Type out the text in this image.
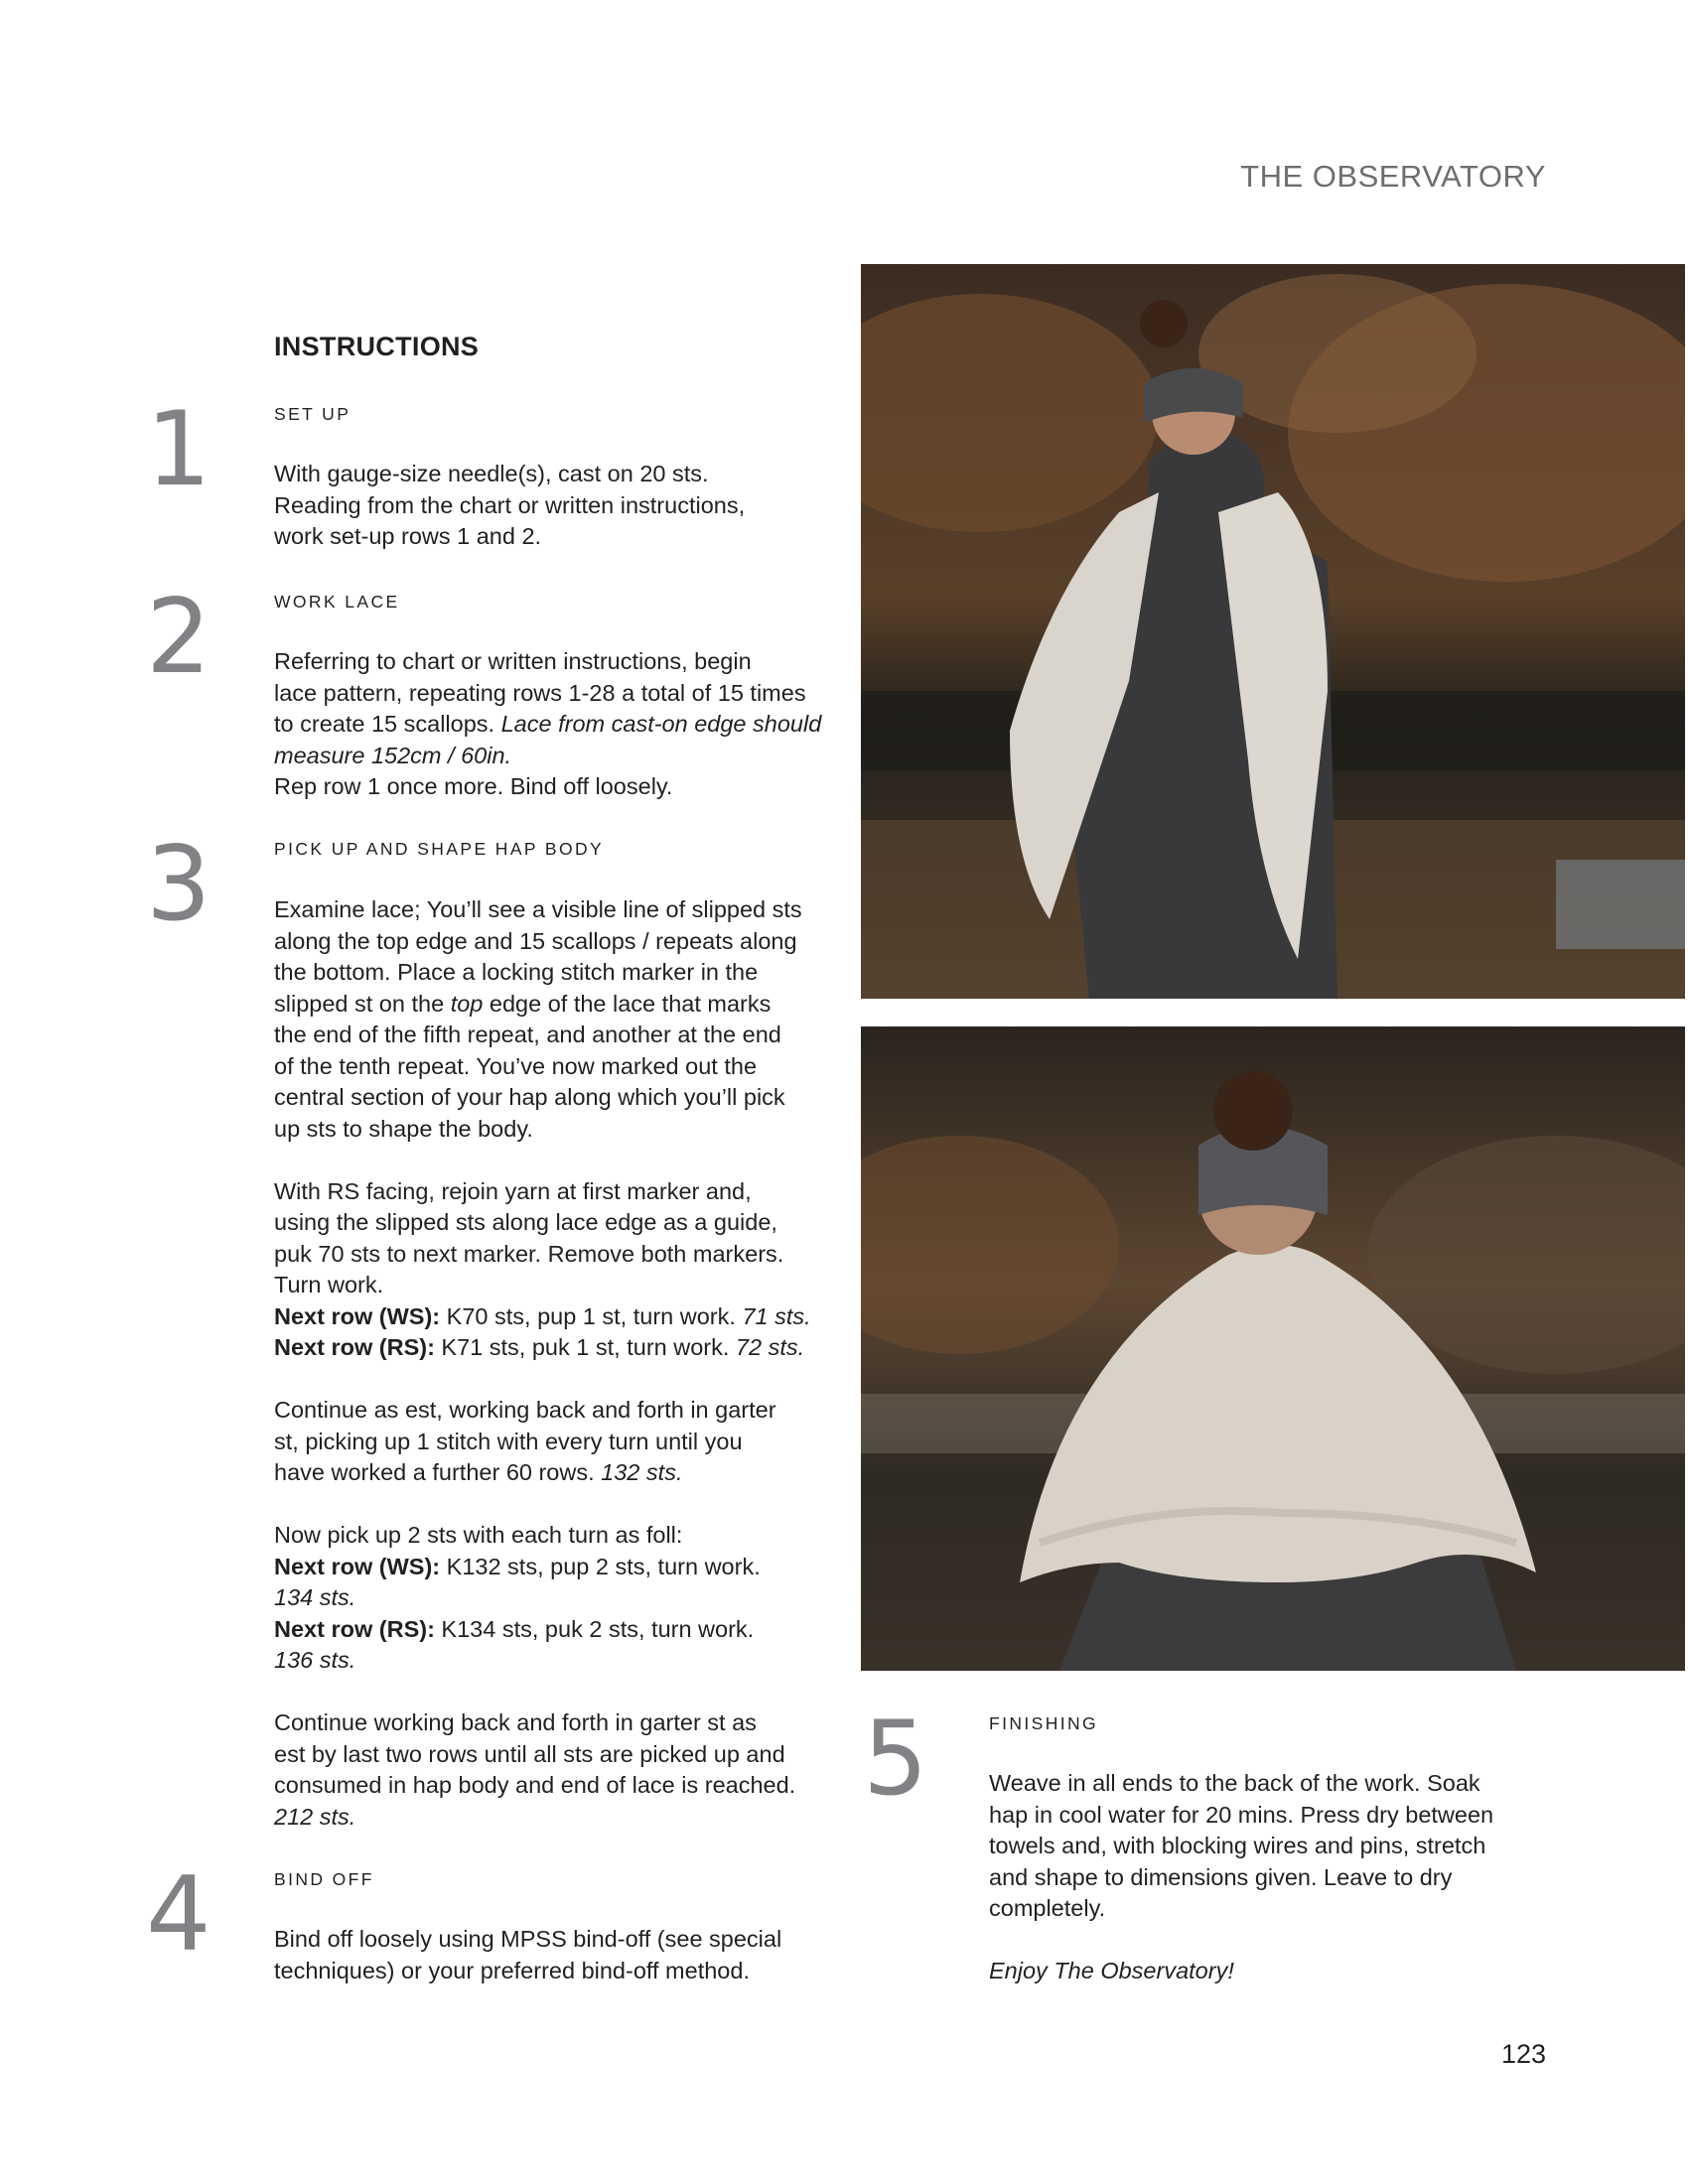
THE OBSERVATORY
INSTRUCTIONS
1	SET UP

With gauge-size needle(s), cast on 20 sts.

Reading from the chart or written instructions,

work set-up rows 1 and 2.

2	WORK LACE

Referring to chart or written instructions, begin

lace pattern, repeating rows 1-28 a total of 15 times

to create 15 scallops. Lace from cast-on edge should

measure 152cm / 60in.

Rep row 1 once more. Bind off loosely.

3	PICK UP AND SHAPE HAP BODY

Examine lace; You’ll see a visible line of slipped sts

along the top edge and 15 scallops / repeats along

the bottom. Place a locking stitch marker in the

slipped st on the top edge of the lace that marks

the end of the fifth repeat, and another at the end

of the tenth repeat. You’ve now marked out the

central section of your hap along which you’ll pick

up sts to shape the body.

With RS facing, rejoin yarn at first marker and,

using the slipped sts along lace edge as a guide,

puk 70 sts to next marker. Remove both markers.

Turn work.

Next row (WS): K70 sts, pup 1 st, turn work. 71 sts.

Next row (RS): K71 sts, puk 1 st, turn work. 72 sts.

Continue as est, working back and forth in garter

st, picking up 1 stitch with every turn until you

have worked a further 60 rows. 132 sts.

Now pick up 2 sts with each turn as foll:

Next row (WS): K132 sts, pup 2 sts, turn work.

134 sts.

Next row (RS): K134 sts, puk 2 sts, turn work.

136 sts.

Continue working back and forth in garter st as

est by last two rows until all sts are picked up and

consumed in hap body and end of lace is reached.

212 sts.

4	BIND OFF

Bind off loosely using MPSS bind-off (see special

techniques) or your preferred bind-off method.

5	FINISHING

Weave in all ends to the back of the work. Soak

hap in cool water for 20 mins. Press dry between

towels and, with blocking wires and pins, stretch

and shape to dimensions given. Leave to dry

completely.

Enjoy The Observatory!

123
